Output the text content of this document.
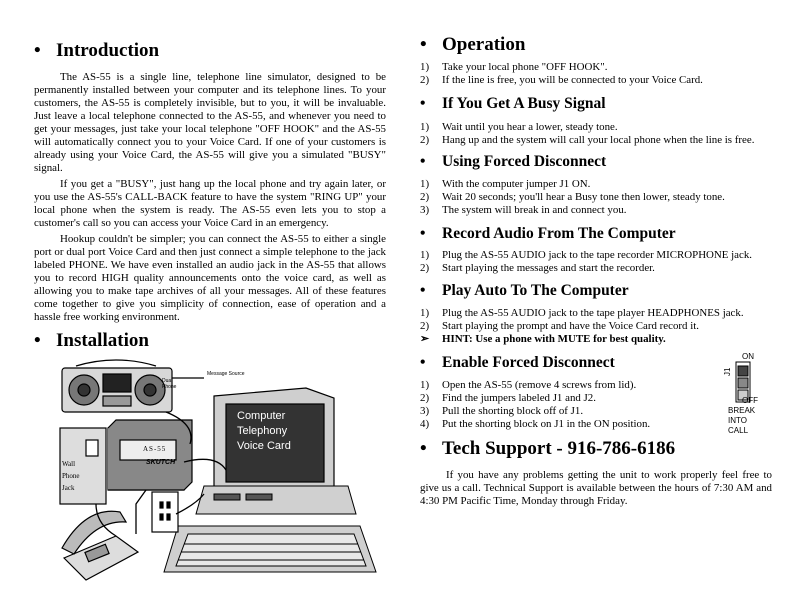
• Introduction

The AS-55 is a single line, telephone line simulator, designed to be permanently installed between your computer and its telephone lines. To your customers, the AS-55 is completely invisible, but to you, it will be invaluable. Just leave a local telephone connected to the AS-55, and whenever you need to get your messages, just take your local telephone "OFF HOOK" and the AS-55 will automatically connect you to your Voice Card. If one of your customers is already using your Voice Card, the AS-55 will give you a simulated "BUSY" signal.

If you get a "BUSY", just hang up the local phone and try again later, or you use the AS-55's CALL-BACK feature to have the system "RING UP" your local phone when the system is ready. The AS-55 even lets you to stop a customer's call so you can access your Voice Card in an emergency.

Hookup couldn't be simpler; you can connect the AS-55 to either a single port or dual port Voice Card and then just connect a simple telephone to the jack labeled PHONE. We have even installed an audio jack in the AS-55 that allows you to record HIGH quality announcements onto the voice card, as well as allowing you to make tape archives of all your messages. All of these features come together to give you simplicity of connection, ease of operation and a hassle free working environment.

• Installation
Message Source
Dual Phone
Wall
Phone
Jack
Computer
Telephony
Voice Card
AS-55
SKUTCH
• Operation
1) Take your local phone "OFF HOOK".
2) If the line is free, you will be connected to your Voice Card.
• If You Get A Busy Signal
1) Wait until you hear a lower, steady tone.
2) Hang up and the system will call your local phone when the line is free.
• Using Forced Disconnect
1) With the computer jumper J1 ON.
2) Wait 20 seconds; you'll hear a Busy tone then lower, steady tone.
3) The system will break in and connect you.
• Record Audio From The Computer
1) Plug the AS-55 AUDIO jack to the tape recorder MICROPHONE jack.
2) Start playing the messages and start the recorder.
• Play Auto To The Computer
1) Plug the AS-55 AUDIO jack to the tape player HEADPHONES jack.
2) Start playing the prompt and have the Voice Card record it.
➢ HINT: Use a phone with MUTE for best quality.
• Enable Forced Disconnect
1) Open the AS-55 (remove 4 screws from lid).
2) Find the jumpers labeled J1 and J2.
3) Pull the shorting block off of J1.
4) Put the shorting block on J1 in the ON position.
• Tech Support - 916-786-6186

If you have any problems getting the unit to work properly feel free to give us a call. Technical Support is available between the hours of 7:30 AM and 4:30 PM Pacific Time, Monday through Friday.

ON
J1
OFF
BREAK
INTO
CALL
